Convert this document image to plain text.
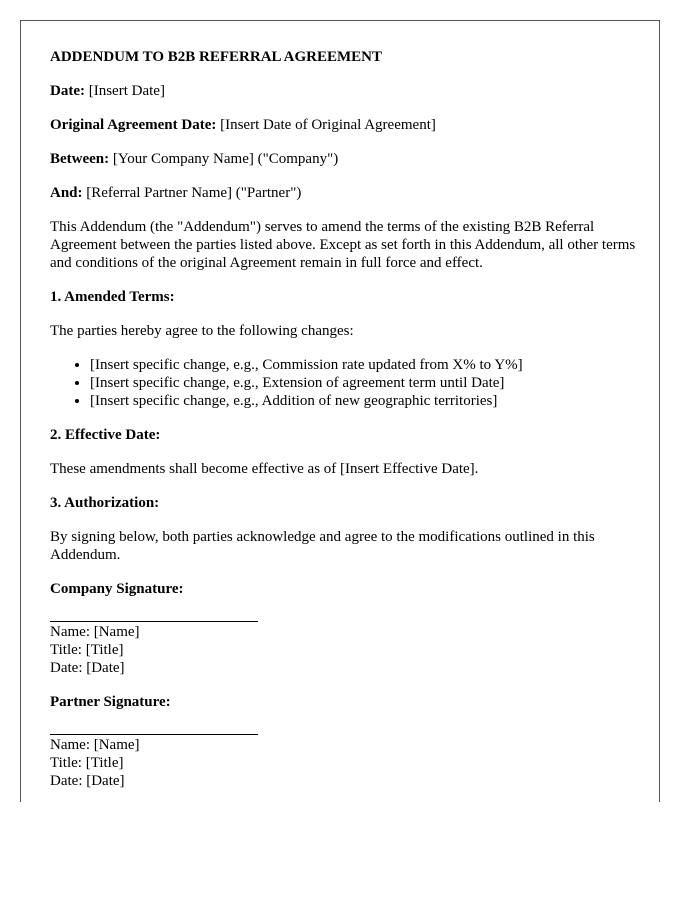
ADDENDUM TO B2B REFERRAL AGREEMENT

Date: [Insert Date]

Original Agreement Date: [Insert Date of Original Agreement]

Between: [Your Company Name] ("Company")

And: [Referral Partner Name] ("Partner")

This Addendum (the "Addendum") serves to amend the terms of the existing B2B Referral Agreement between the parties listed above. Except as set forth in this Addendum, all other terms and conditions of the original Agreement remain in full force and effect.

1. Amended Terms:

The parties hereby agree to the following changes:

• [Insert specific change, e.g., Commission rate updated from X% to Y%]
• [Insert specific change, e.g., Extension of agreement term until Date]
• [Insert specific change, e.g., Addition of new geographic territories]
2. Effective Date:

These amendments shall become effective as of [Insert Effective Date].

3. Authorization:

By signing below, both parties acknowledge and agree to the modifications outlined in this Addendum.

Company Signature:
Name: [Name]
Title: [Title]
Date: [Date]
Partner Signature:
Name: [Name]
Title: [Title]
Date: [Date]
